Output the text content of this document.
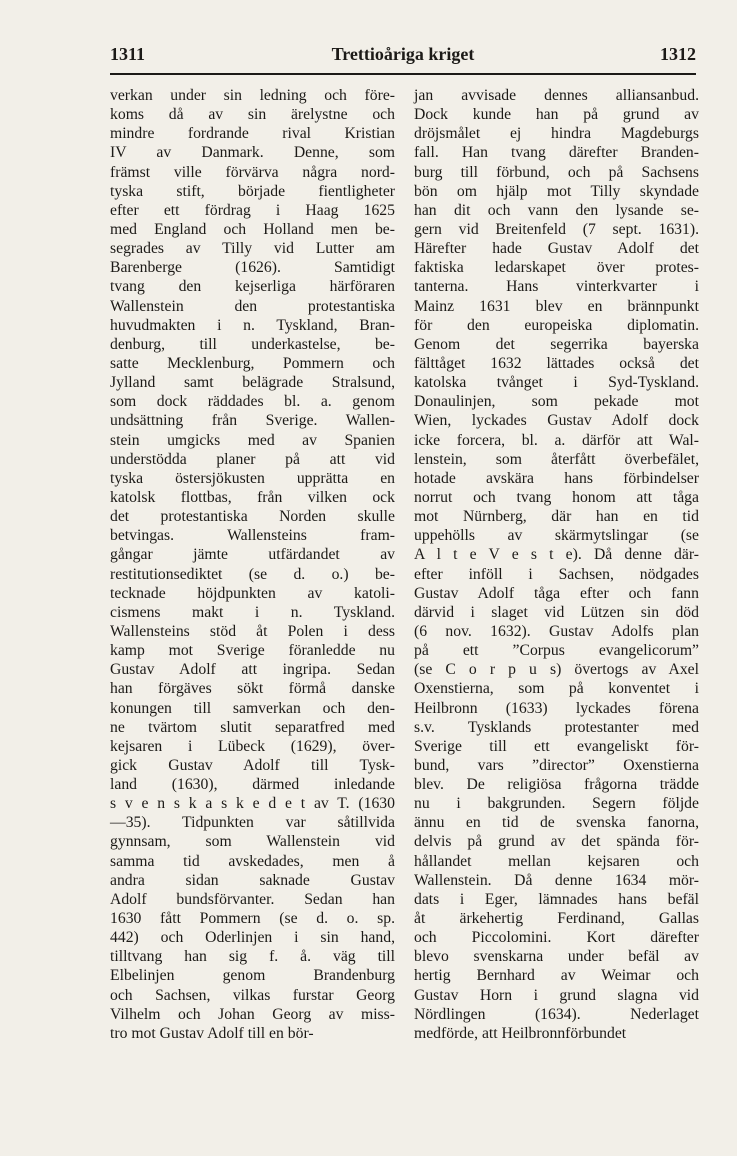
1311	Trettioåriga kriget	1312
verkan under sin ledning och före-
koms då av sin ärelystne och
mindre fordrande rival Kristian
IV av Danmark. Denne, som
främst ville förvärva några nord-
tyska stift, började fientligheter
efter ett fördrag i Haag 1625
med England och Holland men be-
segrades av Tilly vid Lutter am
Barenberge (1626). Samtidigt
tvang den kejserliga härföraren
Wallenstein den protestantiska
huvudmakten i n. Tyskland, Bran-
denburg, till underkastelse, be-
satte Mecklenburg, Pommern och
Jylland samt belägrade Stralsund,
som dock räddades bl. a. genom
undsättning från Sverige. Wallen-
stein umgicks med av Spanien
understödda planer på att vid
tyska östersjökusten upprätta en
katolsk flottbas, från vilken ock
det protestantiska Norden skulle
betvingas. Wallensteins fram-
gångar jämte utfärdandet av
restitutionsediktet (se d. o.) be-
tecknade höjdpunkten av katoli-
cismens makt i n. Tyskland.
Wallensteins stöd åt Polen i dess
kamp mot Sverige föranledde nu
Gustav Adolf att ingripa. Sedan
han förgäves sökt förmå danske
konungen till samverkan och den-
ne tvärtom slutit separatfred med
kejsaren i Lübeck (1629), över-
gick Gustav Adolf till Tysk-
land (1630), därmed inledande
s v e n s k a s k e d e t av T. (1630
—35). Tidpunkten var såtillvida
gynnsam, som Wallenstein vid
samma tid avskedades, men å
andra sidan saknade Gustav
Adolf bundsförvanter. Sedan han
1630 fått Pommern (se d. o. sp.
442) och Oderlinjen i sin hand,
tilltvang han sig f. å. väg till
Elbelinjen genom Brandenburg
och Sachsen, vilkas furstar Georg
Vilhelm och Johan Georg av miss-
tro mot Gustav Adolf till en bör-
jan avvisade dennes alliansanbud.
Dock kunde han på grund av
dröjsmålet ej hindra Magdeburgs
fall. Han tvang därefter Branden-
burg till förbund, och på Sachsens
bön om hjälp mot Tilly skyndade
han dit och vann den lysande se-
gern vid Breitenfeld (7 sept. 1631).
Härefter hade Gustav Adolf det
faktiska ledarskapet över protes-
tanterna. Hans vinterkvarter i
Mainz 1631 blev en brännpunkt
för den europeiska diplomatin.
Genom det segerrika bayerska
fälttåget 1632 lättades också det
katolska tvånget i Syd-Tyskland.
Donaulinjen, som pekade mot
Wien, lyckades Gustav Adolf dock
icke forcera, bl. a. därför att Wal-
lenstein, som återfått överbefälet,
hotade avskära hans förbindelser
norrut och tvang honom att tåga
mot Nürnberg, där han en tid
uppehölls av skärmytslingar (se
A l t e V e s t e). Då denne där-
efter inföll i Sachsen, nödgades
Gustav Adolf tåga efter och fann
därvid i slaget vid Lützen sin död
(6 nov. 1632). Gustav Adolfs plan
på ett ”Corpus evangelicorum”
(se C o r p u s) övertogs av Axel
Oxenstierna, som på konventet i
Heilbronn (1633) lyckades förena
s.v. Tysklands protestanter med
Sverige till ett evangeliskt för-
bund, vars ”director” Oxenstierna
blev. De religiösa frågorna trädde
nu i bakgrunden. Segern följde
ännu en tid de svenska fanorna,
delvis på grund av det spända för-
hållandet mellan kejsaren och
Wallenstein. Då denne 1634 mör-
dats i Eger, lämnades hans befäl
åt ärkehertig Ferdinand, Gallas
och Piccolomini. Kort därefter
blevo svenskarna under befäl av
hertig Bernhard av Weimar och
Gustav Horn i grund slagna vid
Nördlingen (1634). Nederlaget
medförde, att Heilbronnförbundet
